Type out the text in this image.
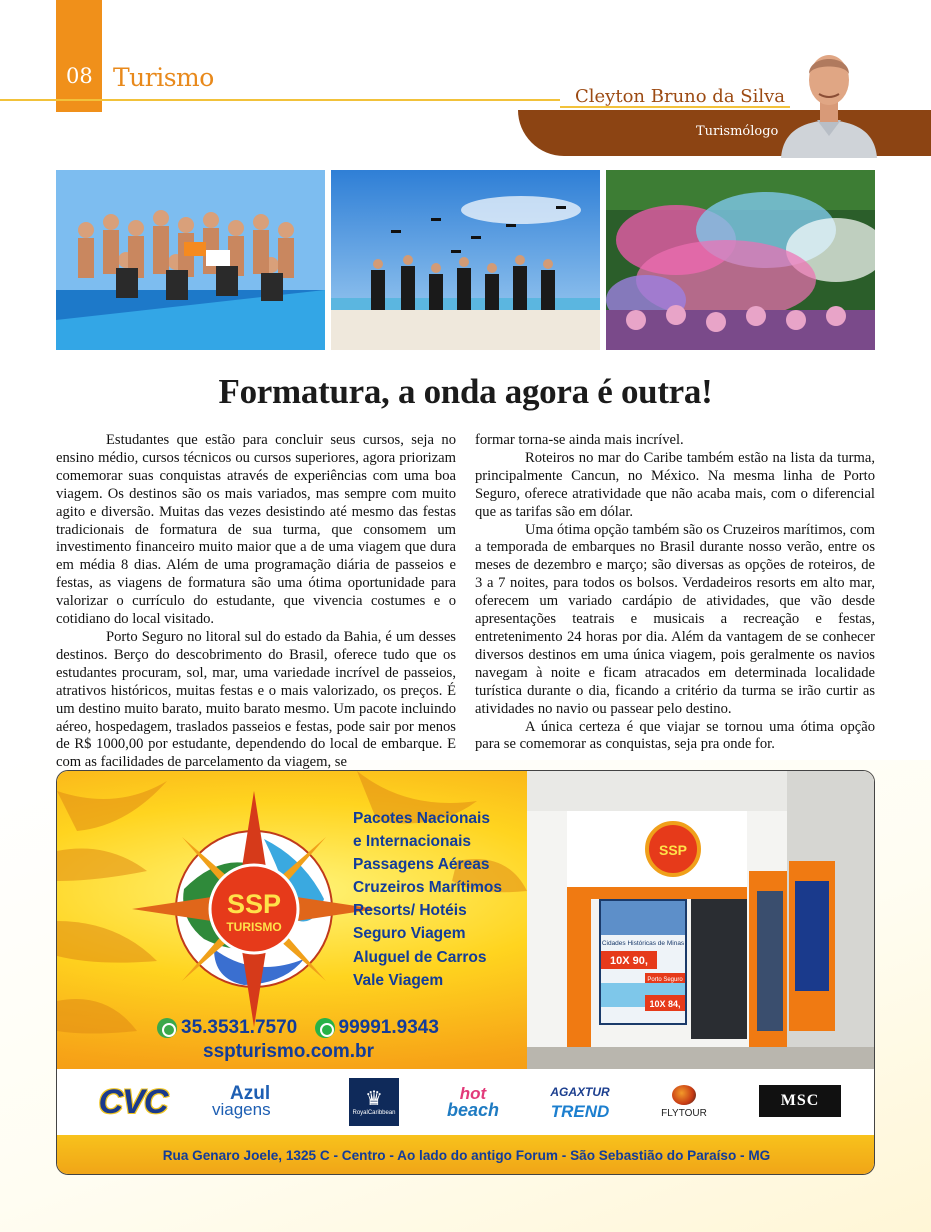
08 Turismo
Cleyton Bruno da Silva
Turismólogo
Formatura, a onda agora é outra!

Estudantes que estão para concluir seus cursos, seja no ensino médio, cursos técnicos ou cursos superiores, agora priorizam comemorar suas conquistas através de experiências com uma boa viagem. Os destinos são os mais variados, mas sempre com muito agito e diversão. Muitas das vezes desistindo até mesmo das festas tradicionais de formatura de sua turma, que consomem um investimento financeiro muito maior que a de uma viagem que dura em média 8 dias. Além de uma programação diária de passeios e festas, as viagens de formatura são uma ótima oportunidade para valorizar o currículo do estudante, que vivencia costumes e o cotidiano do local visitado.

Porto Seguro no litoral sul do estado da Bahia, é um desses destinos. Berço do descobrimento do Brasil, oferece tudo que os estudantes procuram, sol, mar, uma variedade incrível de passeios, atrativos históricos, muitas festas e o mais valorizado, os preços. É um destino muito barato, muito barato mesmo. Um pacote incluindo aéreo, hospedagem, traslados passeios e festas, pode sair por menos de R$ 1000,00 por estudante, dependendo do local de embarque. E com as facilidades de parcelamento da viagem, se

formar torna-se ainda mais incrível.

Roteiros no mar do Caribe também estão na lista da turma, principalmente Cancun, no México. Na mesma linha de Porto Seguro, oferece atratividade que não acaba mais, com o diferencial que as tarifas são em dólar.

Uma ótima opção também são os Cruzeiros marítimos, com a temporada de embarques no Brasil durante nosso verão, entre os meses de dezembro e março; são diversas as opções de roteiros, de 3 a 7 noites, para todos os bolsos. Verdadeiros resorts em alto mar, oferecem um variado cardápio de atividades, que vão desde apresentações teatrais e musicais a recreação e festas, entretenimento 24 horas por dia. Além da vantagem de se conhecer diversos destinos em uma única viagem, pois geralmente os navios navegam à noite e ficam atracados em determinada localidade turística durante o dia, ficando a critério da turma se irão curtir as atividades no navio ou passear pelo destino.

A única certeza é que viajar se tornou uma ótima opção para se comemorar as conquistas, seja pra onde for.

SSP
TURISMO
Pacotes Nacionais
e Internacionais
Passagens Aéreas
Cruzeiros Marítimos
Resorts/ Hotéis
Seguro Viagem
Aluguel de Carros
Vale Viagem
35.3531.7570
99991.9343
sspturismo.com.br
SSP
Cidades Históricas de Minas
10X 90,
Porto Seguro
10X 84,
CVC	Azul
viagens	♛
RoyalCaribbean
hot
beach
AGAXTUR
TREND	FLYTOUR
MSC
Rua Genaro Joele, 1325 C - Centro - Ao lado do antigo Forum - São Sebastião do Paraíso - MG
